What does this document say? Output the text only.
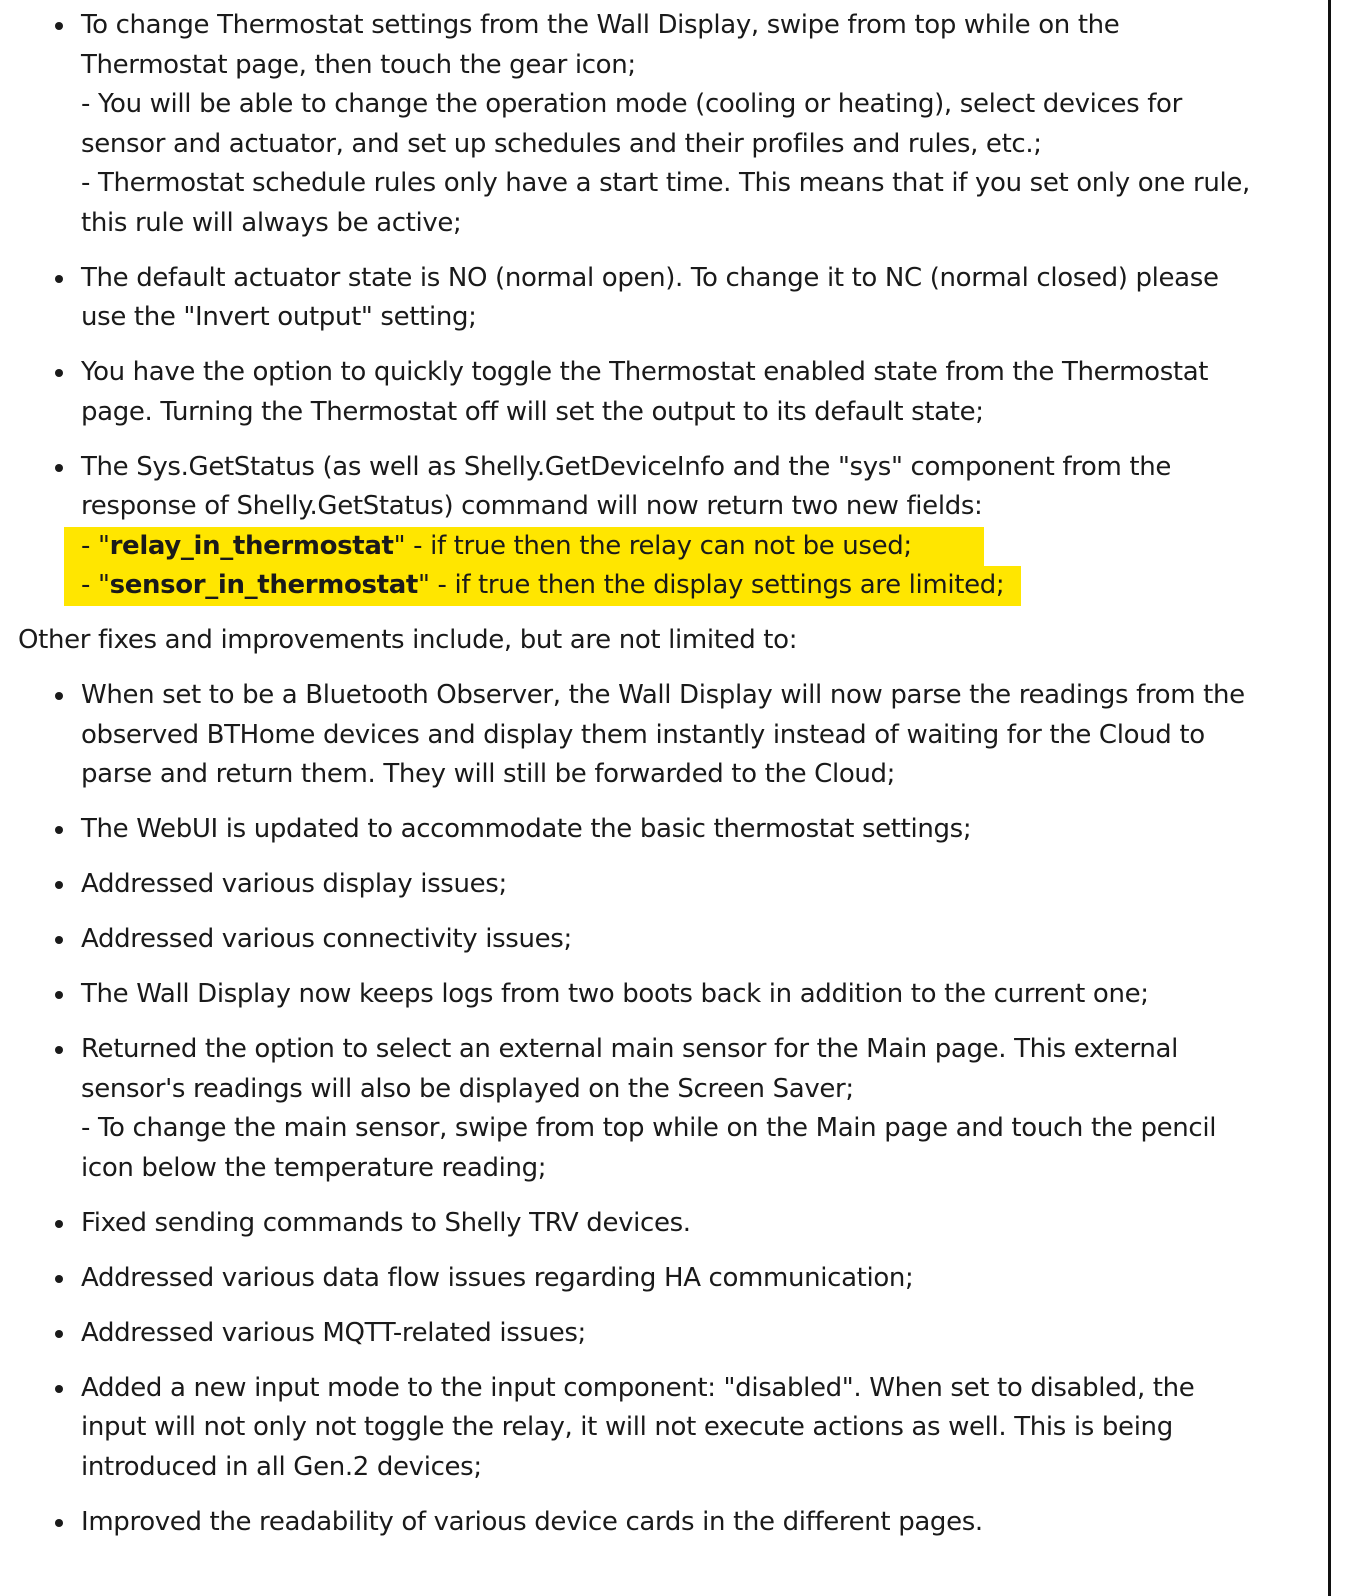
To change Thermostat settings from the Wall Display, swipe from top while on the
Thermostat page, then touch the gear icon;
- You will be able to change the operation mode (cooling or heating), select devices for
sensor and actuator, and set up schedules and their profiles and rules, etc.;
- Thermostat schedule rules only have a start time. This means that if you set only one rule,
this rule will always be active;
The default actuator state is NO (normal open). To change it to NC (normal closed) please
use the "Invert output" setting;
You have the option to quickly toggle the Thermostat enabled state from the Thermostat
page. Turning the Thermostat off will set the output to its default state;
The Sys.GetStatus (as well as Shelly.GetDeviceInfo and the "sys" component from the
response of Shelly.GetStatus) command will now return two new fields:
- "relay_in_thermostat" - if true then the relay can not be used;
- "sensor_in_thermostat" - if true then the display settings are limited;

Other fixes and improvements include, but are not limited to:

When set to be a Bluetooth Observer, the Wall Display will now parse the readings from the
observed BTHome devices and display them instantly instead of waiting for the Cloud to
parse and return them. They will still be forwarded to the Cloud;
The WebUI is updated to accommodate the basic thermostat settings;
Addressed various display issues;
Addressed various connectivity issues;
The Wall Display now keeps logs from two boots back in addition to the current one;
Returned the option to select an external main sensor for the Main page. This external
sensor's readings will also be displayed on the Screen Saver;
- To change the main sensor, swipe from top while on the Main page and touch the pencil
icon below the temperature reading;
Fixed sending commands to Shelly TRV devices.
Addressed various data flow issues regarding HA communication;
Addressed various MQTT-related issues;
Added a new input mode to the input component: "disabled". When set to disabled, the
input will not only not toggle the relay, it will not execute actions as well. This is being
introduced in all Gen.2 devices;
Improved the readability of various device cards in the different pages.
